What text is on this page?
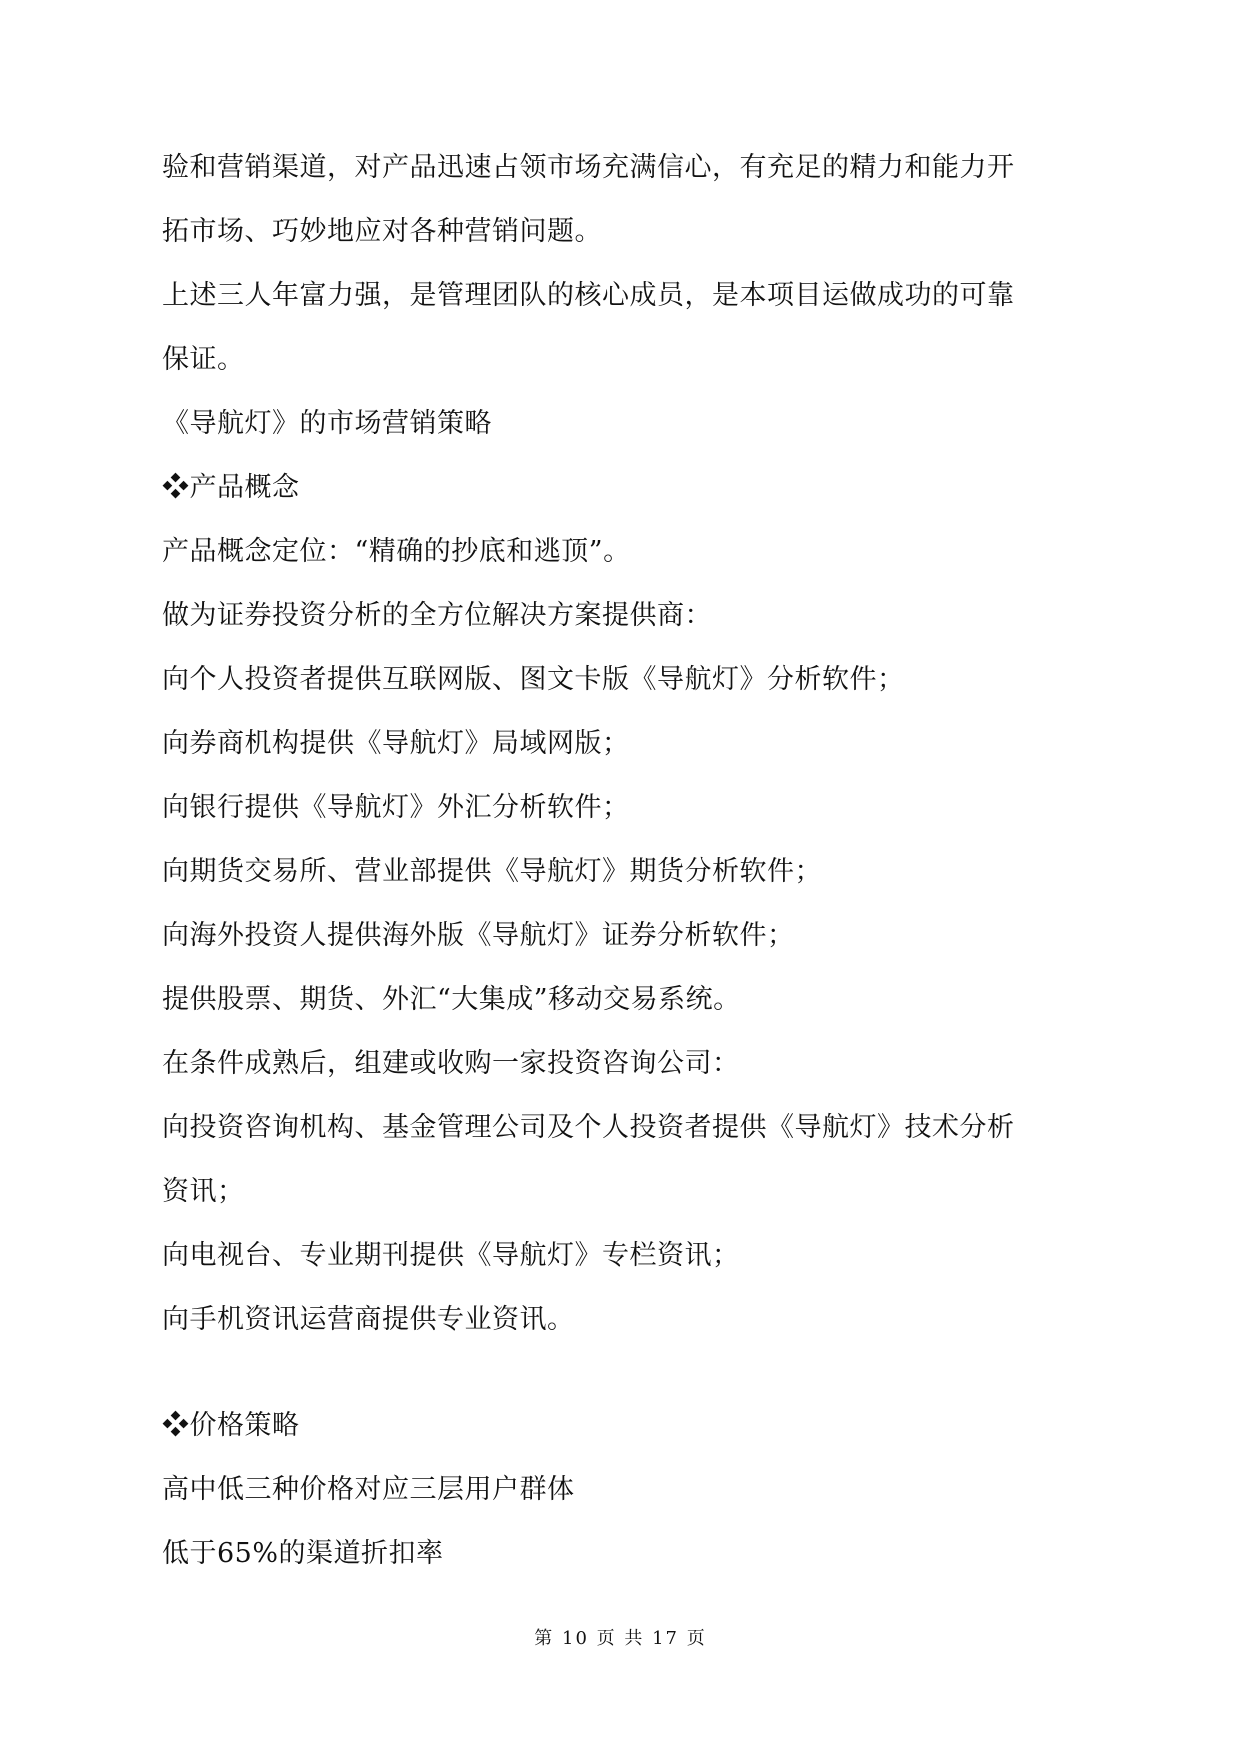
验和营销渠道，对产品迅速占领市场充满信心，有充足的精力和能力开
拓市场、巧妙地应对各种营销问题。
上述三人年富力强，是管理团队的核心成员，是本项目运做成功的可靠
保证。
《导航灯》的市场营销策略
❖产品概念
产品概念定位：“精确的抄底和逃顶”。
做为证券投资分析的全方位解决方案提供商：
向个人投资者提供互联网版、图文卡版《导航灯》分析软件；
向券商机构提供《导航灯》局域网版；
向银行提供《导航灯》外汇分析软件；
向期货交易所、营业部提供《导航灯》期货分析软件；
向海外投资人提供海外版《导航灯》证券分析软件；
提供股票、期货、外汇“大集成”移动交易系统。
在条件成熟后，组建或收购一家投资咨询公司：
向投资咨询机构、基金管理公司及个人投资者提供《导航灯》技术分析
资讯；
向电视台、专业期刊提供《导航灯》专栏资讯；
向手机资讯运营商提供专业资讯。
❖价格策略
高中低三种价格对应三层用户群体
低于65%的渠道折扣率
第 10 页 共 17 页
